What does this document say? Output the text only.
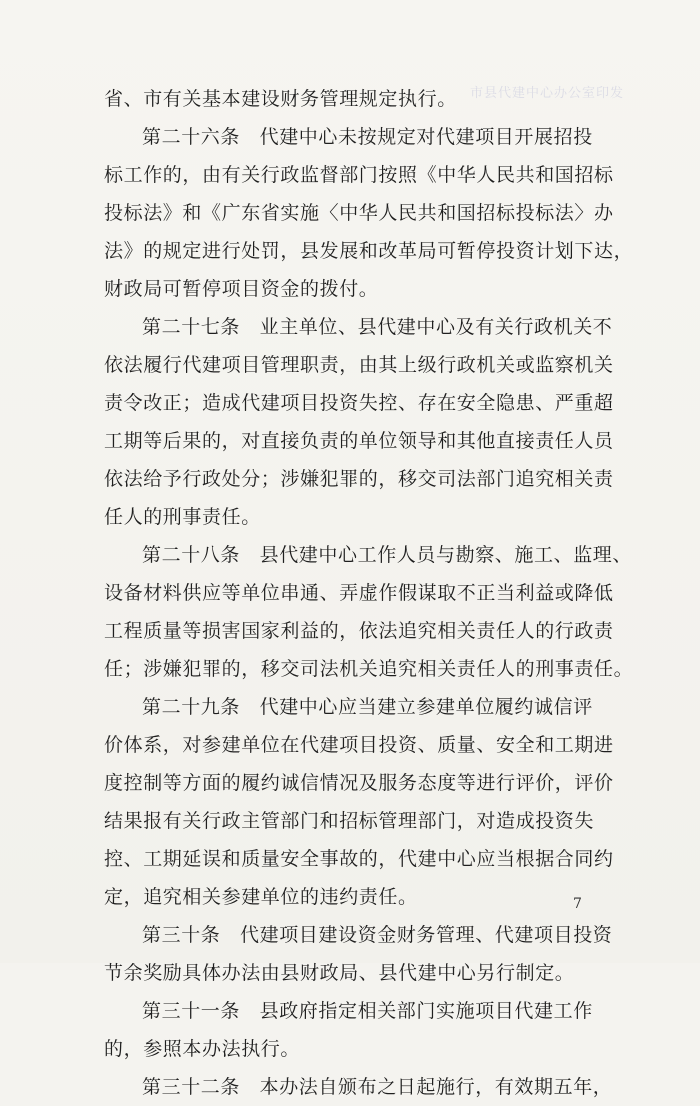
市县代建中心办公室印发
省、市有关基本建设财务管理规定执行。
第二十六条　代建中心未按规定对代建项目开展招投
标工作的，由有关行政监督部门按照《中华人民共和国招标
投标法》和《广东省实施〈中华人民共和国招标投标法〉办
法》的规定进行处罚，县发展和改革局可暂停投资计划下达，
财政局可暂停项目资金的拨付。
第二十七条　业主单位、县代建中心及有关行政机关不
依法履行代建项目管理职责，由其上级行政机关或监察机关
责令改正；造成代建项目投资失控、存在安全隐患、严重超
工期等后果的，对直接负责的单位领导和其他直接责任人员
依法给予行政处分；涉嫌犯罪的，移交司法部门追究相关责
任人的刑事责任。
第二十八条　县代建中心工作人员与勘察、施工、监理、
设备材料供应等单位串通、弄虚作假谋取不正当利益或降低
工程质量等损害国家利益的，依法追究相关责任人的行政责
任；涉嫌犯罪的，移交司法机关追究相关责任人的刑事责任。
第二十九条　代建中心应当建立参建单位履约诚信评
价体系，对参建单位在代建项目投资、质量、安全和工期进
度控制等方面的履约诚信情况及服务态度等进行评价，评价
结果报有关行政主管部门和招标管理部门，对造成投资失
控、工期延误和质量安全事故的，代建中心应当根据合同约
定，追究相关参建单位的违约责任。
第三十条　代建项目建设资金财务管理、代建项目投资
节余奖励具体办法由县财政局、县代建中心另行制定。
第三十一条　县政府指定相关部门实施项目代建工作
的，参照本办法执行。
第三十二条　本办法自颁布之日起施行，有效期五年，
7
